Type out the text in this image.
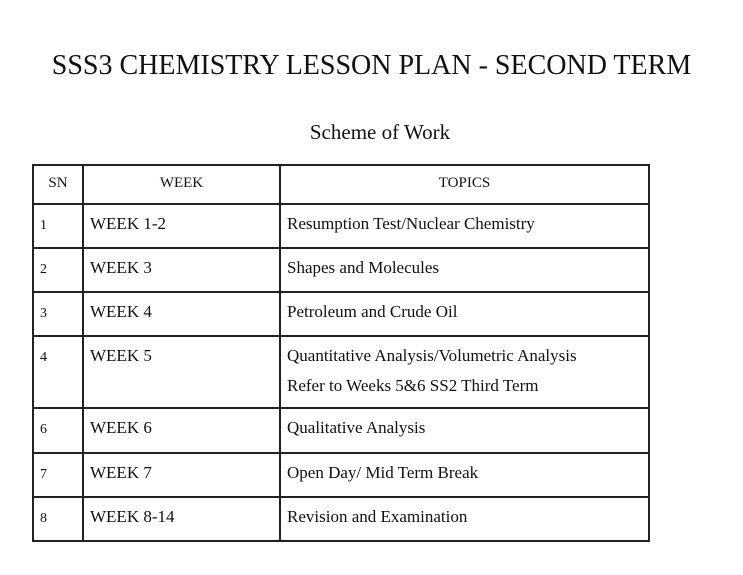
SSS3 CHEMISTRY LESSON PLAN - SECOND TERM
Scheme of Work
SN	WEEK	TOPICS
1	WEEK 1-2	Resumption Test/Nuclear Chemistry

2	WEEK 3	Shapes and Molecules

3	WEEK 4	Petroleum and Crude Oil

4	WEEK 5	Quantitative Analysis/Volumetric Analysis
Refer to Weeks 5&6 SS2 Third Term

6	WEEK 6	Qualitative Analysis

7	WEEK 7	Open Day/ Mid Term Break

8	WEEK 8-14	Revision and Examination
